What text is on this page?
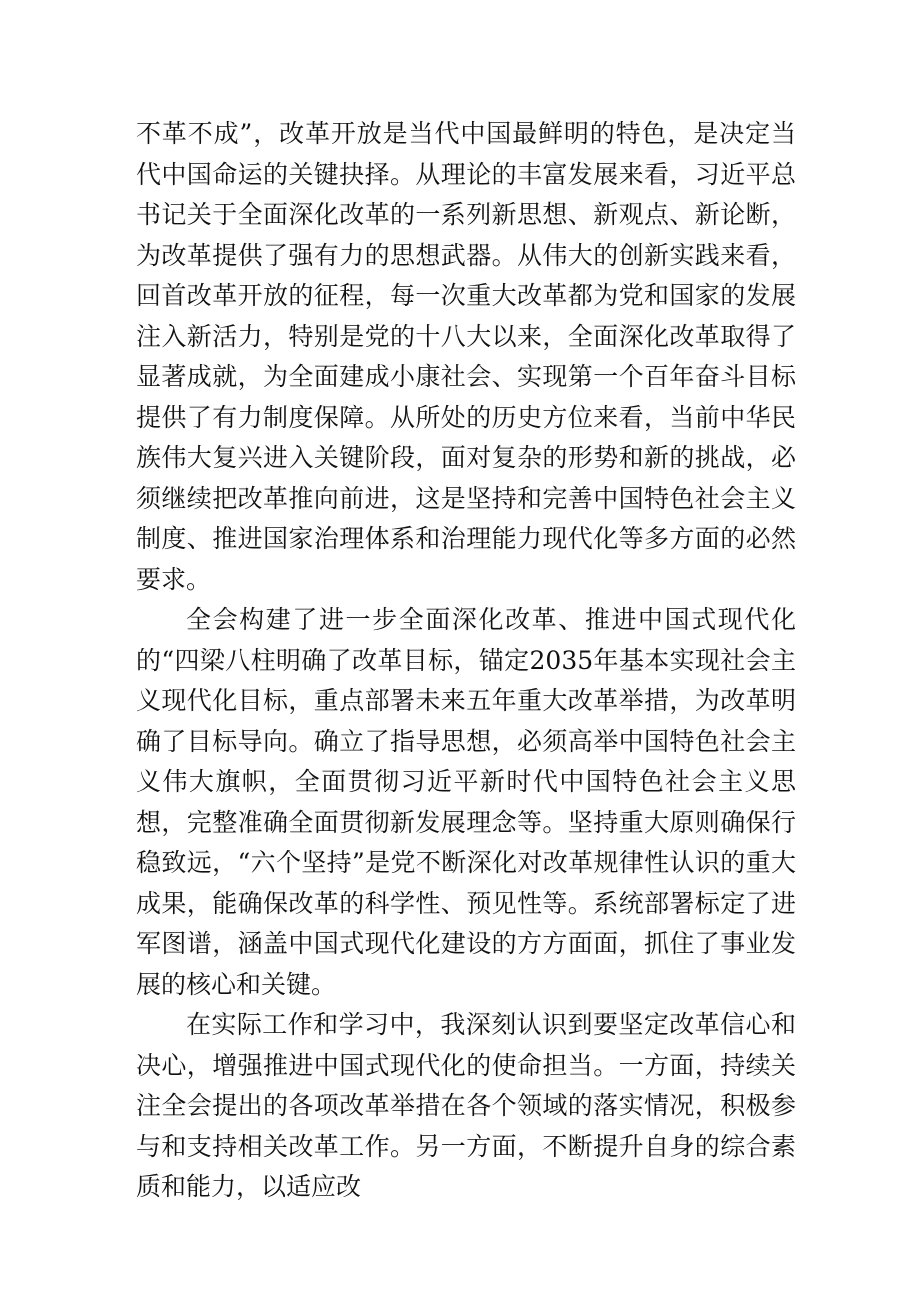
不革不成”，改革开放是当代中国最鲜明的特色，是决定当代中国命运的关键抉择。从理论的丰富发展来看，习近平总书记关于全面深化改革的一系列新思想、新观点、新论断，为改革提供了强有力的思想武器。从伟大的创新实践来看，回首改革开放的征程，每一次重大改革都为党和国家的发展注入新活力，特别是党的十八大以来，全面深化改革取得了显著成就，为全面建成小康社会、实现第一个百年奋斗目标提供了有力制度保障。从所处的历史方位来看，当前中华民族伟大复兴进入关键阶段，面对复杂的形势和新的挑战，必须继续把改革推向前进，这是坚持和完善中国特色社会主义制度、推进国家治理体系和治理能力现代化等多方面的必然要求。

全会构建了进一步全面深化改革、推进中国式现代化的“四梁八柱明确了改革目标，锚定2035年基本实现社会主义现代化目标，重点部署未来五年重大改革举措，为改革明确了目标导向。确立了指导思想，必须高举中国特色社会主义伟大旗帜，全面贯彻习近平新时代中国特色社会主义思想，完整准确全面贯彻新发展理念等。坚持重大原则确保行稳致远，“六个坚持”是党不断深化对改革规律性认识的重大成果，能确保改革的科学性、预见性等。系统部署标定了进军图谱，涵盖中国式现代化建设的方方面面，抓住了事业发展的核心和关键。

在实际工作和学习中，我深刻认识到要坚定改革信心和决心，增强推进中国式现代化的使命担当。一方面，持续关注全会提出的各项改革举措在各个领域的落实情况，积极参与和支持相关改革工作。另一方面，不断提升自身的综合素质和能力，以适应改
